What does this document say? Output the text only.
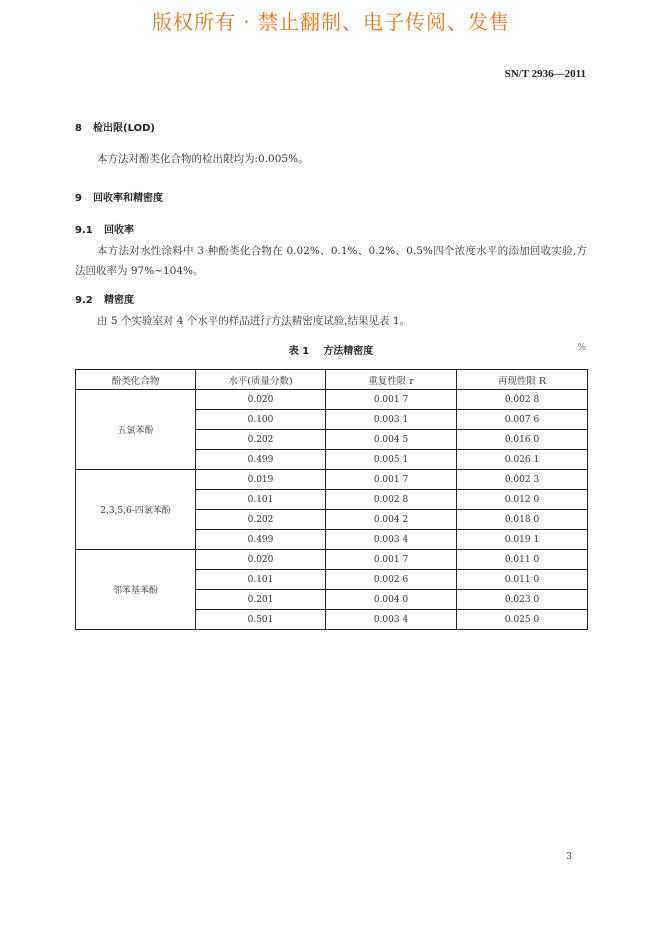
版权所有 · 禁止翻制、电子传阅、发售
SN/T 2936—2011
8 检出限(LOD)
本方法对酚类化合物的检出限均为:0.005%。
9 回收率和精密度
9.1 回收率
本方法对水性涂料中 3 种酚类化合物在 0.02%、0.1%、0.2%、0.5%四个浓度水平的添加回收实验,方法回收率为 97%~104%。
9.2 精密度
由 5 个实验室对 4 个水平的样品进行方法精密度试验,结果见表 1。
表 1 方法精密度	%
酚类化合物	水平(质量分数)	重复性限 r	再现性限 R
五氯苯酚	0.020	0.001 7	0.002 8
	0.100	0.003 1	0.007 6
	0.202	0.004 5	0.016 0
	0.499	0.005 1	0.026 1
2,3,5,6-四氯苯酚	0.019	0.001 7	0.002 3
	0.101	0.002 8	0.012 0
	0.202	0.004 2	0.018 0
	0.499	0.003 4	0.019 1
邻苯基苯酚	0.020	0.001 7	0.011 0
	0.101	0.002 6	0.011 0
	0.201	0.004 0	0.023 0
	0.501	0.003 4	0.025 0
3
